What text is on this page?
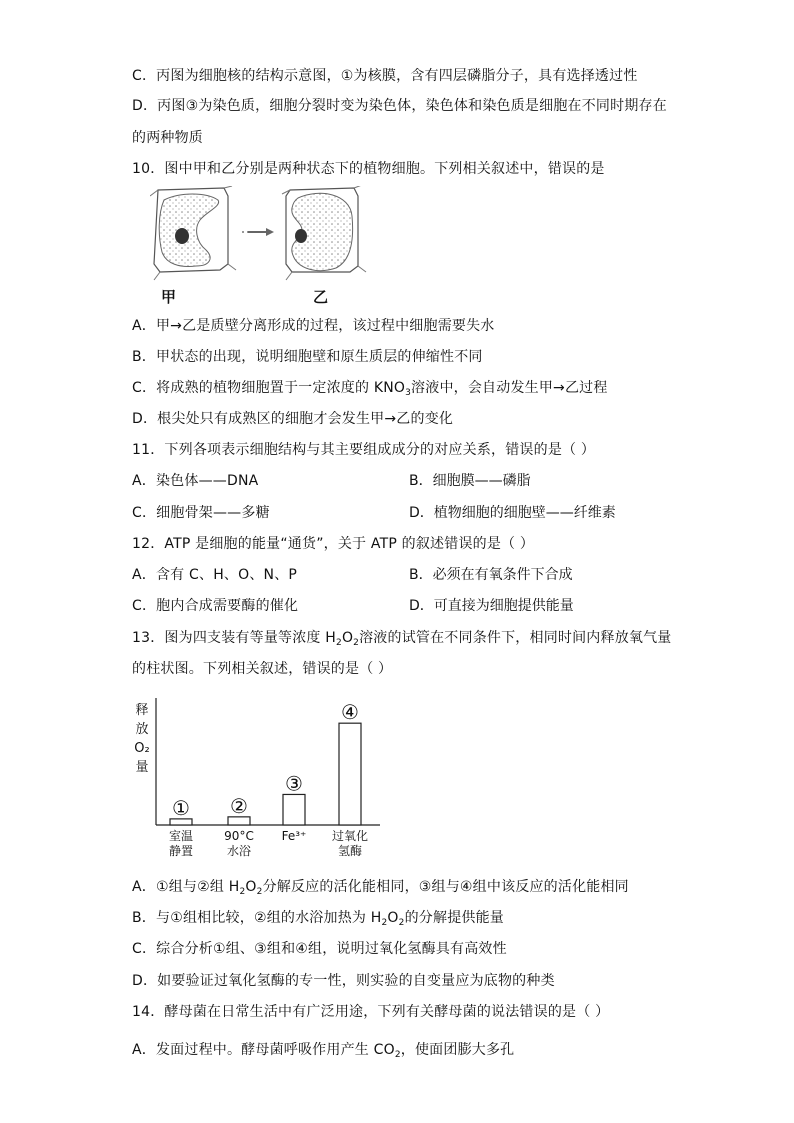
C．丙图为细胞核的结构示意图，①为核膜，含有四层磷脂分子，具有选择透过性
D．丙图③为染色质，细胞分裂时变为染色体，染色体和染色质是细胞在不同时期存在
的两种物质
10．图中甲和乙分别是两种状态下的植物细胞。下列相关叙述中，错误的是
甲	乙
A．甲→乙是质壁分离形成的过程，该过程中细胞需要失水
B．甲状态的出现，说明细胞壁和原生质层的伸缩性不同
C．将成熟的植物细胞置于一定浓度的 $KNO_3$溶液中，会自动发生甲→乙过程
D．根尖处只有成熟区的细胞才会发生甲→乙的变化
11．下列各项表示细胞结构与其主要组成成分的对应关系，错误的是（ ）
A．染色体——DNA	B．细胞膜——磷脂
C．细胞骨架——多糖	D．植物细胞的细胞壁——纤维素
12．ATP 是细胞的能量“通货”，关于 ATP 的叙述错误的是（ ）
A．含有 C、H、O、N、P	B．必须在有氧条件下合成
C．胞内合成需要酶的催化	D．可直接为细胞提供能量
13．图为四支装有等量等浓度 $H_2O_2$溶液的试管在不同条件下，相同时间内释放氧气量
的柱状图。下列相关叙述，错误的是（ ）
释
放
O₂
量
①
室温
静置
②
90°C
水浴
③
Fe³⁺
④
过氧化
氢酶
A．①组与②组 $H_2O_2$分解反应的活化能相同，③组与④组中该反应的活化能相同
B．与①组相比较，②组的水浴加热为 $H_2O_2$的分解提供能量
C．综合分析①组、③组和④组，说明过氧化氢酶具有高效性
D．如要验证过氧化氢酶的专一性，则实验的自变量应为底物的种类
14．酵母菌在日常生活中有广泛用途，下列有关酵母菌的说法错误的是（ ）
A．发面过程中。酵母菌呼吸作用产生 $CO_2$，使面团膨大多孔
